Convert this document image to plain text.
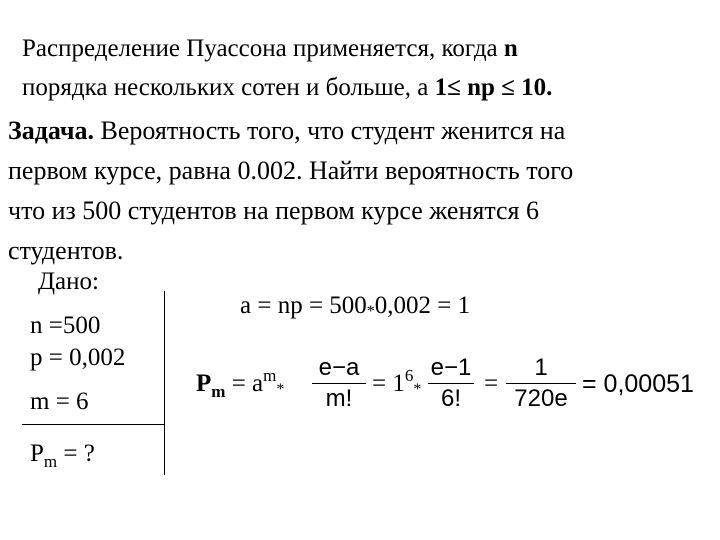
Распределение Пуассона применяется, когда n
порядка нескольких сотен и больше, а 1≤ np ≤ 10.
Задача. Вероятность того, что студент женится на
первом курсе, равна 0.002. Найти вероятность того
что из 500 студентов на первом курсе женятся 6
студентов.
Дано:
n =500
p = 0,002
m = 6
$P_m$ = ?
a = np = 500*0,002 = 1
$P_m = a^m*$
e−a
m!
= $1^6*$
e−1
6!
=
1
720e
= 0,00051
